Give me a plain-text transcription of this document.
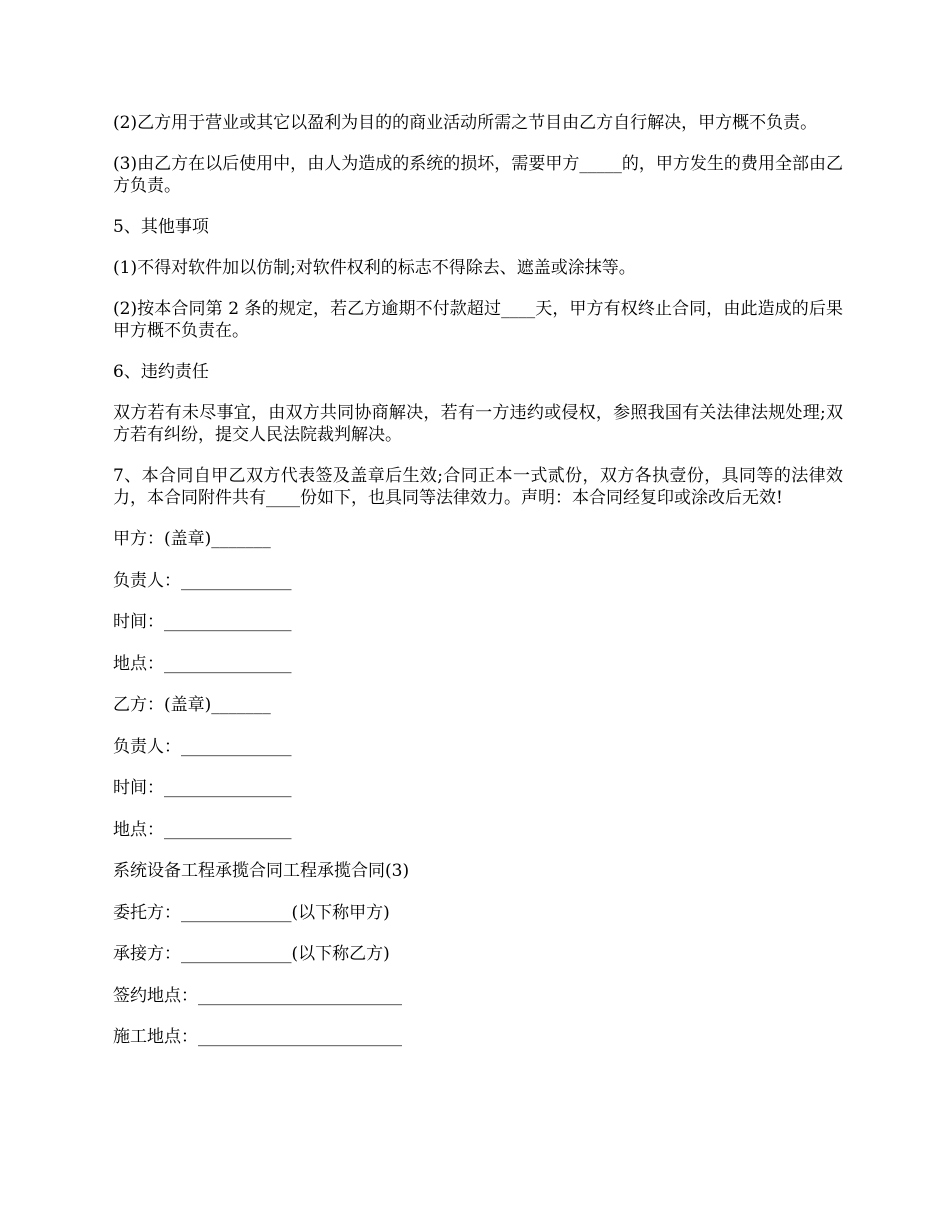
(2)乙方用于营业或其它以盈利为目的的商业活动所需之节目由乙方自行解决，甲方概不负责。

(3)由乙方在以后使用中，由人为造成的系统的损坏，需要甲方_____的，甲方发生的费用全部由乙方负责。

5、其他事项

(1)不得对软件加以仿制;对软件权利的标志不得除去、遮盖或涂抹等。

(2)按本合同第 2 条的规定，若乙方逾期不付款超过____天，甲方有权终止合同，由此造成的后果甲方概不负责在。

6、违约责任

双方若有未尽事宜，由双方共同协商解决，若有一方违约或侵权，参照我国有关法律法规处理;双方若有纠纷，提交人民法院裁判解决。

7、本合同自甲乙双方代表签及盖章后生效;合同正本一式贰份，双方各执壹份，具同等的法律效力，本合同附件共有____份如下，也具同等法律效力。声明：本合同经复印或涂改后无效!

甲方：(盖章)_______

负责人：_____________

时间：_______________

地点：_______________

乙方：(盖章)_______

负责人：_____________

时间：_______________

地点：_______________

系统设备工程承揽合同工程承揽合同(3)

委托方：_____________(以下称甲方)

承接方：_____________(以下称乙方)

签约地点：________________________

施工地点：________________________
